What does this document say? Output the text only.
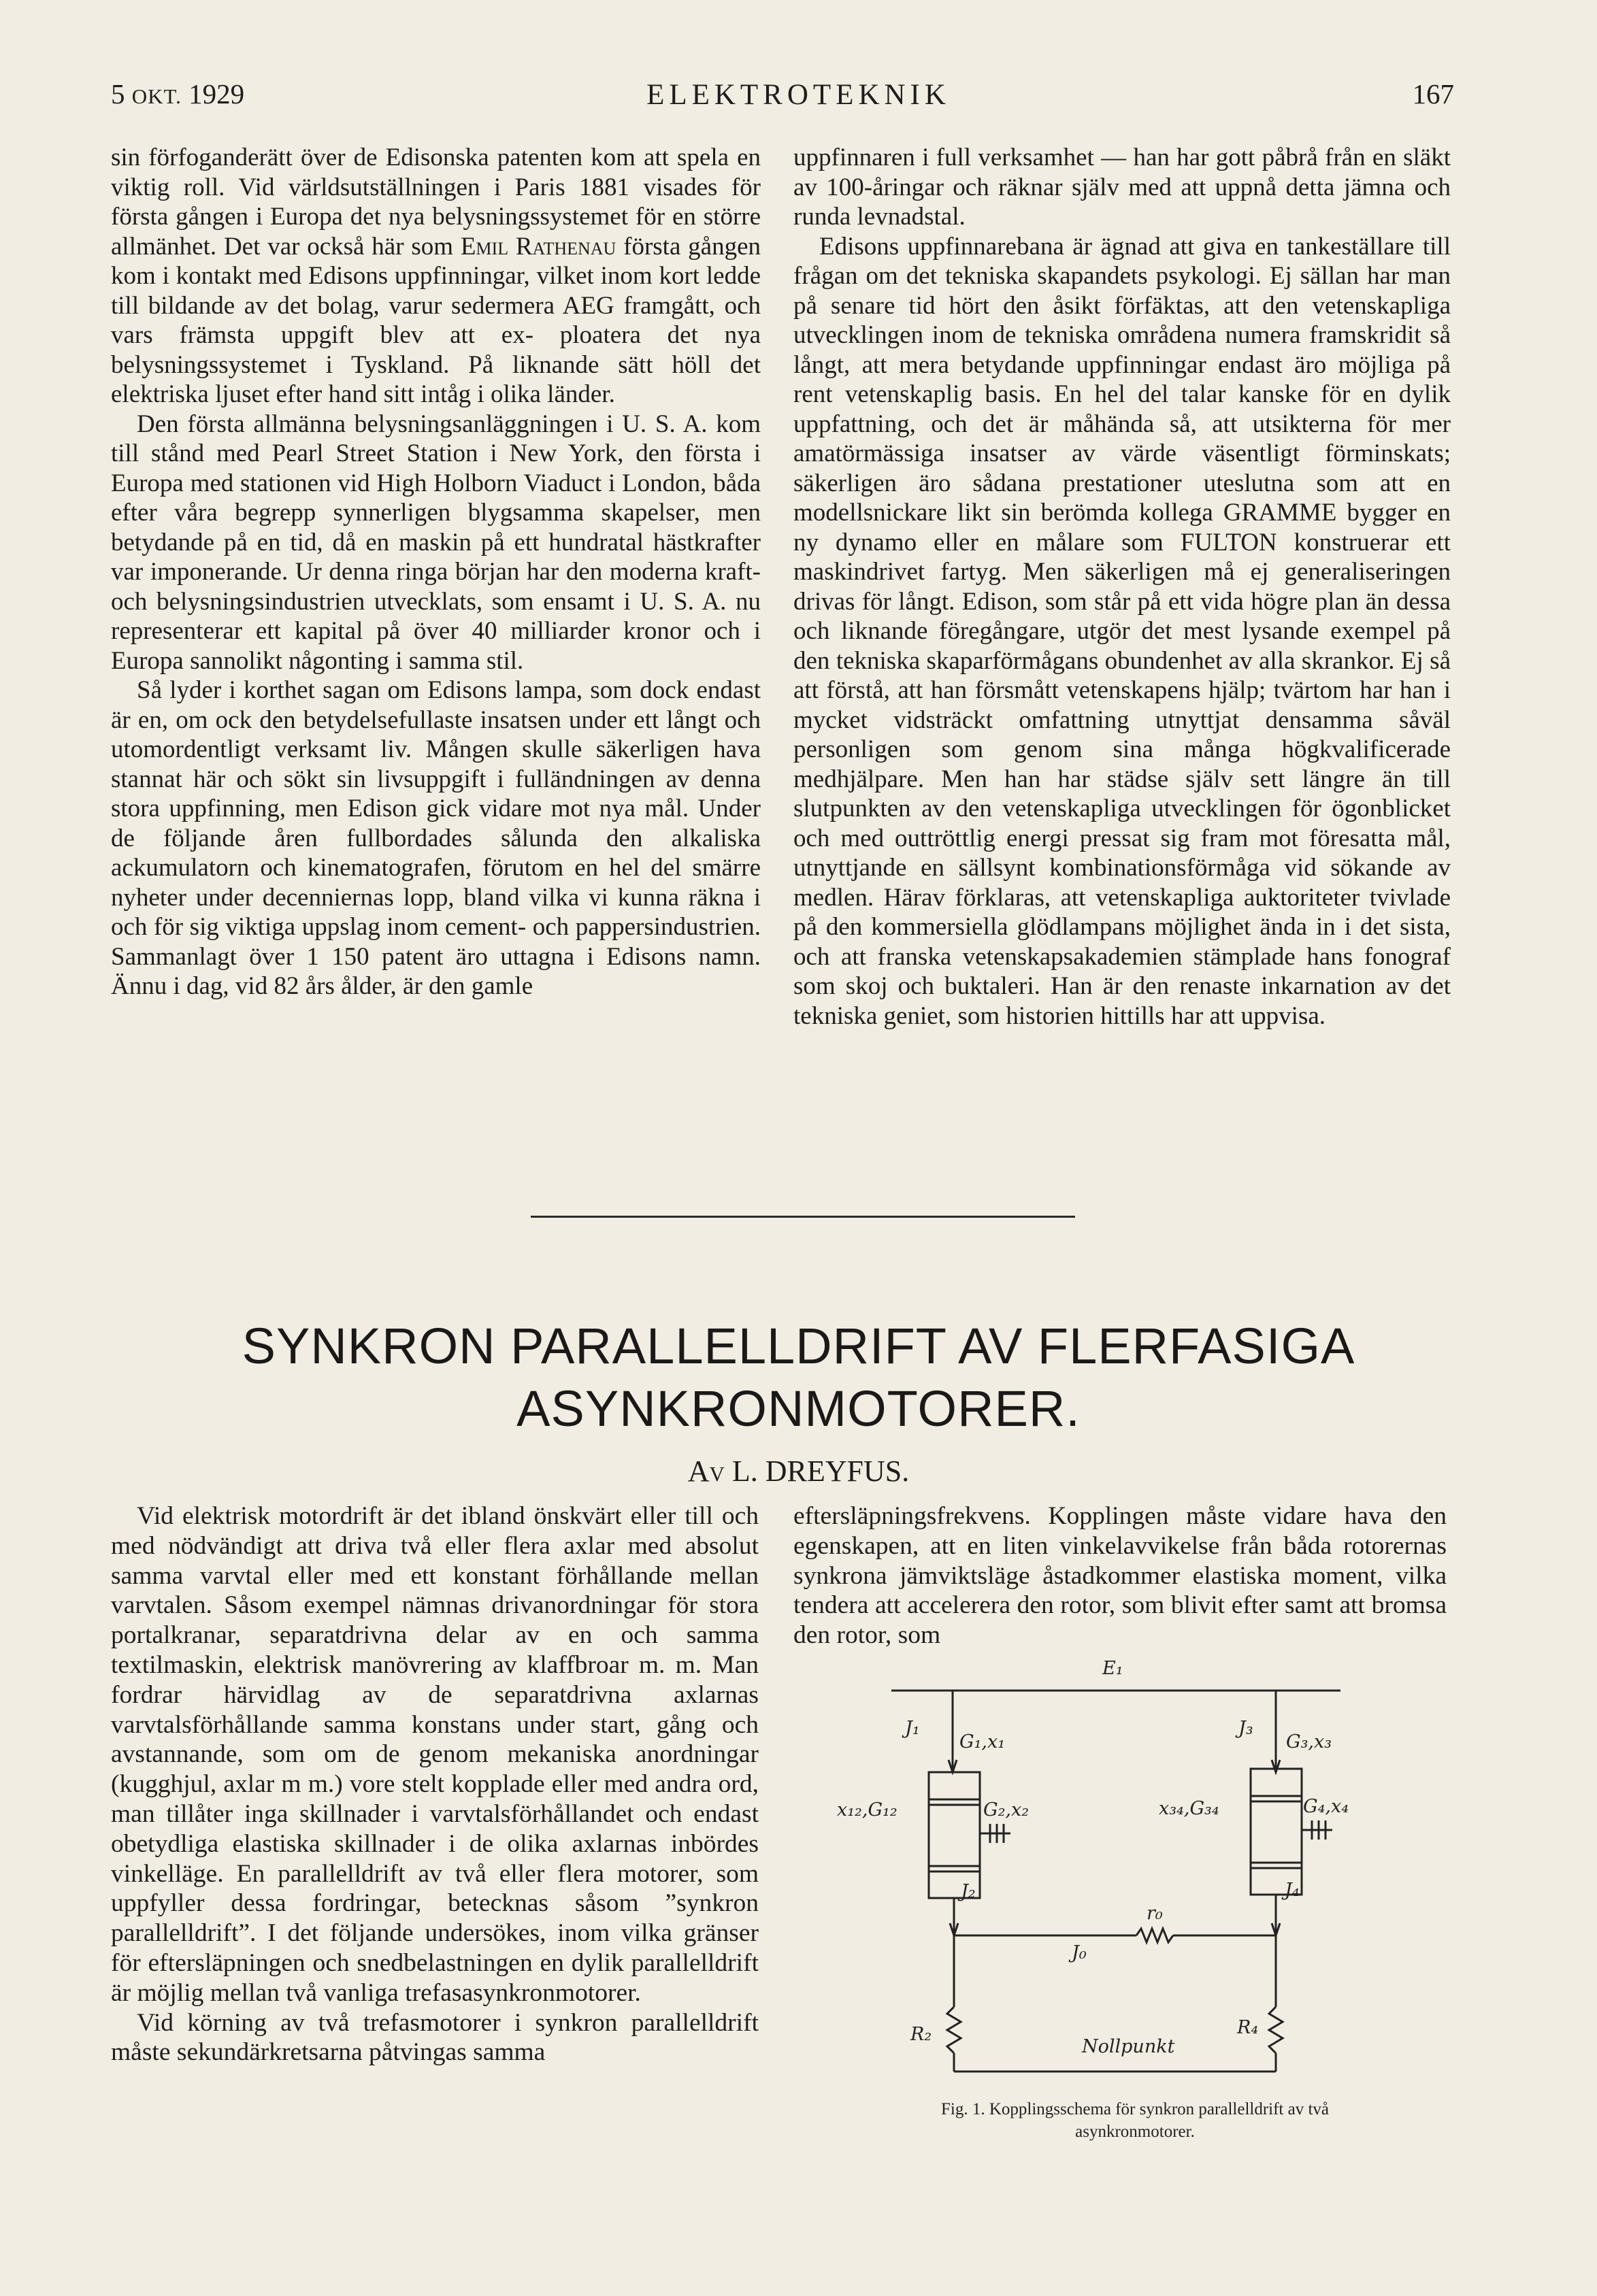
5 OKT. 1929	ELEKTROTEKNIK	167

sin förfoganderätt över de Edisonska patenten kom att spela en viktig roll. Vid världsutställningen i Paris 1881 visades för första gången i Europa det nya belysningssystemet för en större allmänhet. Det var också här som Emil Rathenau första gången kom i kontakt med Edisons uppfinningar, vilket inom kort ledde till bildande av det bolag, varur sedermera AEG framgått, och vars främsta uppgift blev att ex- ploatera det nya belysningssystemet i Tyskland. På liknande sätt höll det elektriska ljuset efter hand sitt intåg i olika länder.

Den första allmänna belysningsanläggningen i U. S. A. kom till stånd med Pearl Street Station i New York, den första i Europa med stationen vid High Holborn Viaduct i London, båda efter våra begrepp synnerligen blygsamma skapelser, men betydande på en tid, då en maskin på ett hundratal hästkrafter var imponerande. Ur denna ringa början har den moderna kraft- och belysningsindustrien utvecklats, som ensamt i U. S. A. nu representerar ett kapital på över 40 milliarder kronor och i Europa sannolikt någonting i samma stil.

Så lyder i korthet sagan om Edisons lampa, som dock endast är en, om ock den betydelsefullaste insatsen under ett långt och utomordentligt verksamt liv. Mången skulle säkerligen hava stannat här och sökt sin livsuppgift i fulländningen av denna stora uppfinning, men Edison gick vidare mot nya mål. Under de följande åren fullbordades sålunda den alkaliska ackumulatorn och kinematografen, förutom en hel del smärre nyheter under decenniernas lopp, bland vilka vi kunna räkna i och för sig viktiga uppslag inom cement- och pappersindustrien. Sammanlagt över 1 150 patent äro uttagna i Edisons namn. Ännu i dag, vid 82 års ålder, är den gamle

uppfinnaren i full verksamhet — han har gott påbrå från en släkt av 100-åringar och räknar själv med att uppnå detta jämna och runda levnadstal.

Edisons uppfinnarebana är ägnad att giva en tankeställare till frågan om det tekniska skapandets psykologi. Ej sällan har man på senare tid hört den åsikt förfäktas, att den vetenskapliga utvecklingen inom de tekniska områdena numera framskridit så långt, att mera betydande uppfinningar endast äro möjliga på rent vetenskaplig basis. En hel del talar kanske för en dylik uppfattning, och det är måhända så, att utsikterna för mer amatörmässiga insatser av värde väsentligt förminskats; säkerligen äro sådana prestationer uteslutna som att en modellsnickare likt sin berömda kollega GRAMME bygger en ny dynamo eller en målare som FULTON konstruerar ett maskindrivet fartyg. Men säkerligen må ej generaliseringen drivas för långt. Edison, som står på ett vida högre plan än dessa och liknande föregångare, utgör det mest lysande exempel på den tekniska skaparförmågans obundenhet av alla skrankor. Ej så att förstå, att han försmått vetenskapens hjälp; tvärtom har han i mycket vidsträckt omfattning utnyttjat densamma såväl personligen som genom sina många högkvalificerade medhjälpare. Men han har städse själv sett längre än till slutpunkten av den vetenskapliga utvecklingen för ögonblicket och med outtröttlig energi pressat sig fram mot föresatta mål, utnyttjande en sällsynt kombinationsförmåga vid sökande av medlen. Härav förklaras, att vetenskapliga auktoriteter tvivlade på den kommersiella glödlampans möjlighet ända in i det sista, och att franska vetenskapsakademien stämplade hans fonograf som skoj och buktaleri. Han är den renaste inkarnation av det tekniska geniet, som historien hittills har att uppvisa.

SYNKRON PARALLELLDRIFT AV FLERFASIGA
ASYNKRONMOTORER.
Av L. DREYFUS.

Vid elektrisk motordrift är det ibland önskvärt eller till och med nödvändigt att driva två eller flera axlar med absolut samma varvtal eller med ett konstant förhållande mellan varvtalen. Såsom exempel nämnas drivanordningar för stora portalkranar, separatdrivna delar av en och samma textilmaskin, elektrisk manövrering av klaffbroar m. m. Man fordrar härvidlag av de separatdrivna axlarnas varvtalsförhållande samma konstans under start, gång och avstannande, som om de genom mekaniska anordningar (kugghjul, axlar m m.) vore stelt kopplade eller med andra ord, man tillåter inga skillnader i varvtalsförhållandet och endast obetydliga elastiska skillnader i de olika axlarnas inbördes vinkelläge. En parallelldrift av två eller flera motorer, som uppfyller dessa fordringar, betecknas såsom ”synkron parallelldrift”. I det följande undersökes, inom vilka gränser för eftersläpningen och snedbelastningen en dylik parallelldrift är möjlig mellan två vanliga trefasasynkronmotorer.

Vid körning av två trefasmotorer i synkron parallelldrift måste sekundärkretsarna påtvingas samma

eftersläpningsfrekvens. Kopplingen måste vidare hava den egenskapen, att en liten vinkelavvikelse från båda rotorernas synkrona jämviktsläge åstadkommer elastiska moment, vilka tendera att accelerera den rotor, som blivit efter samt att bromsa den rotor, som

E₁
J₁
G₁,x₁
x₁₂,G₁₂	G₂,x₂
J₂
J₃
G₃,x₃
x₃₄,G₃₄	G₄,x₄
J₄
r₀
J₀
R₂	R₄
Nollpunkt
Fig. 1. Kopplingsschema för synkron parallelldrift av två asynkronmotorer.
